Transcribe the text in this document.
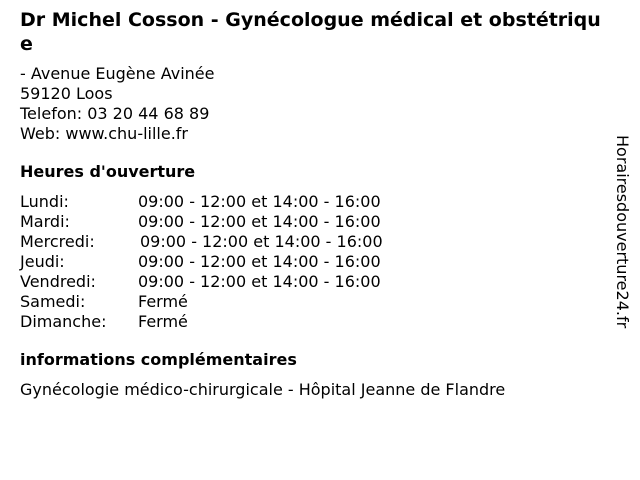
Dr Michel Cosson - Gynécologue médical et obstétrique
- Avenue Eugène Avinée
59120 Loos
Telefon: 03 20 44 68 89
Web: www.chu-lille.fr
Heures d'ouverture
Lundi:	09:00 - 12:00 et 14:00 - 16:00
Mardi:	09:00 - 12:00 et 14:00 - 16:00
Mercredi:	09:00 - 12:00 et 14:00 - 16:00
Jeudi:	09:00 - 12:00 et 14:00 - 16:00
Vendredi:	09:00 - 12:00 et 14:00 - 16:00
Samedi:	Fermé
Dimanche:	Fermé
informations complémentaires
Gynécologie médico-chirurgicale - Hôpital Jeanne de Flandre
Horairesdouverture24.fr
